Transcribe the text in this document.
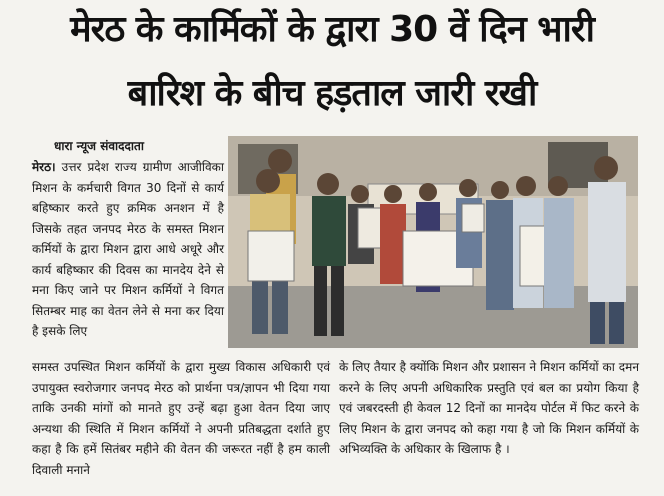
मेरठ के कार्मिकों के द्वारा 30 वें दिन भारी
बारिश के बीच हड़ताल जारी रखी
धारा न्यूज संवाददाता

मेरठ। उत्तर प्रदेश राज्य ग्रामीण आजीविका मिशन के कर्मचारी विगत 30 दिनों से कार्य बहिष्कार करते हुए क्रमिक अनशन में है जिसके तहत जनपद मेरठ के समस्त मिशन कर्मियों के द्वारा मिशन द्वारा आधे अधूरे और कार्य बहिष्कार की दिवस का मानदेय देने से मना किए जाने पर मिशन कर्मियों ने विगत सितम्बर माह का वेतन लेने से मना कर दिया है इसके लिए

समस्त उपस्थित मिशन कर्मियों के द्वारा मुख्य विकास अधिकारी एवं उपायुक्त स्वरोजगार जनपद मेरठ को प्रार्थना पत्र/ज्ञापन भी दिया गया ताकि उनकी मांगों को मानते हुए उन्हें बढ़ा हुआ वेतन दिया जाए अन्यथा की स्थिति में मिशन कर्मियों ने अपनी प्रतिबद्धता दर्शाते हुए कहा है कि हमें सितंबर महीने की वेतन की जरूरत नहीं है हम काली दिवाली मनाने

के लिए तैयार है क्योंकि मिशन और प्रशासन ने मिशन कर्मियों का दमन करने के लिए अपनी अधिकारिक प्रस्तुति एवं बल का प्रयोग किया है एवं जबरदस्ती ही केवल 12 दिनों का मानदेय पोर्टल में फिट करने के लिए मिशन के द्वारा जनपद को कहा गया है जो कि मिशन कर्मियों के अभिव्यक्ति के अधिकार के खिलाफ है ।
